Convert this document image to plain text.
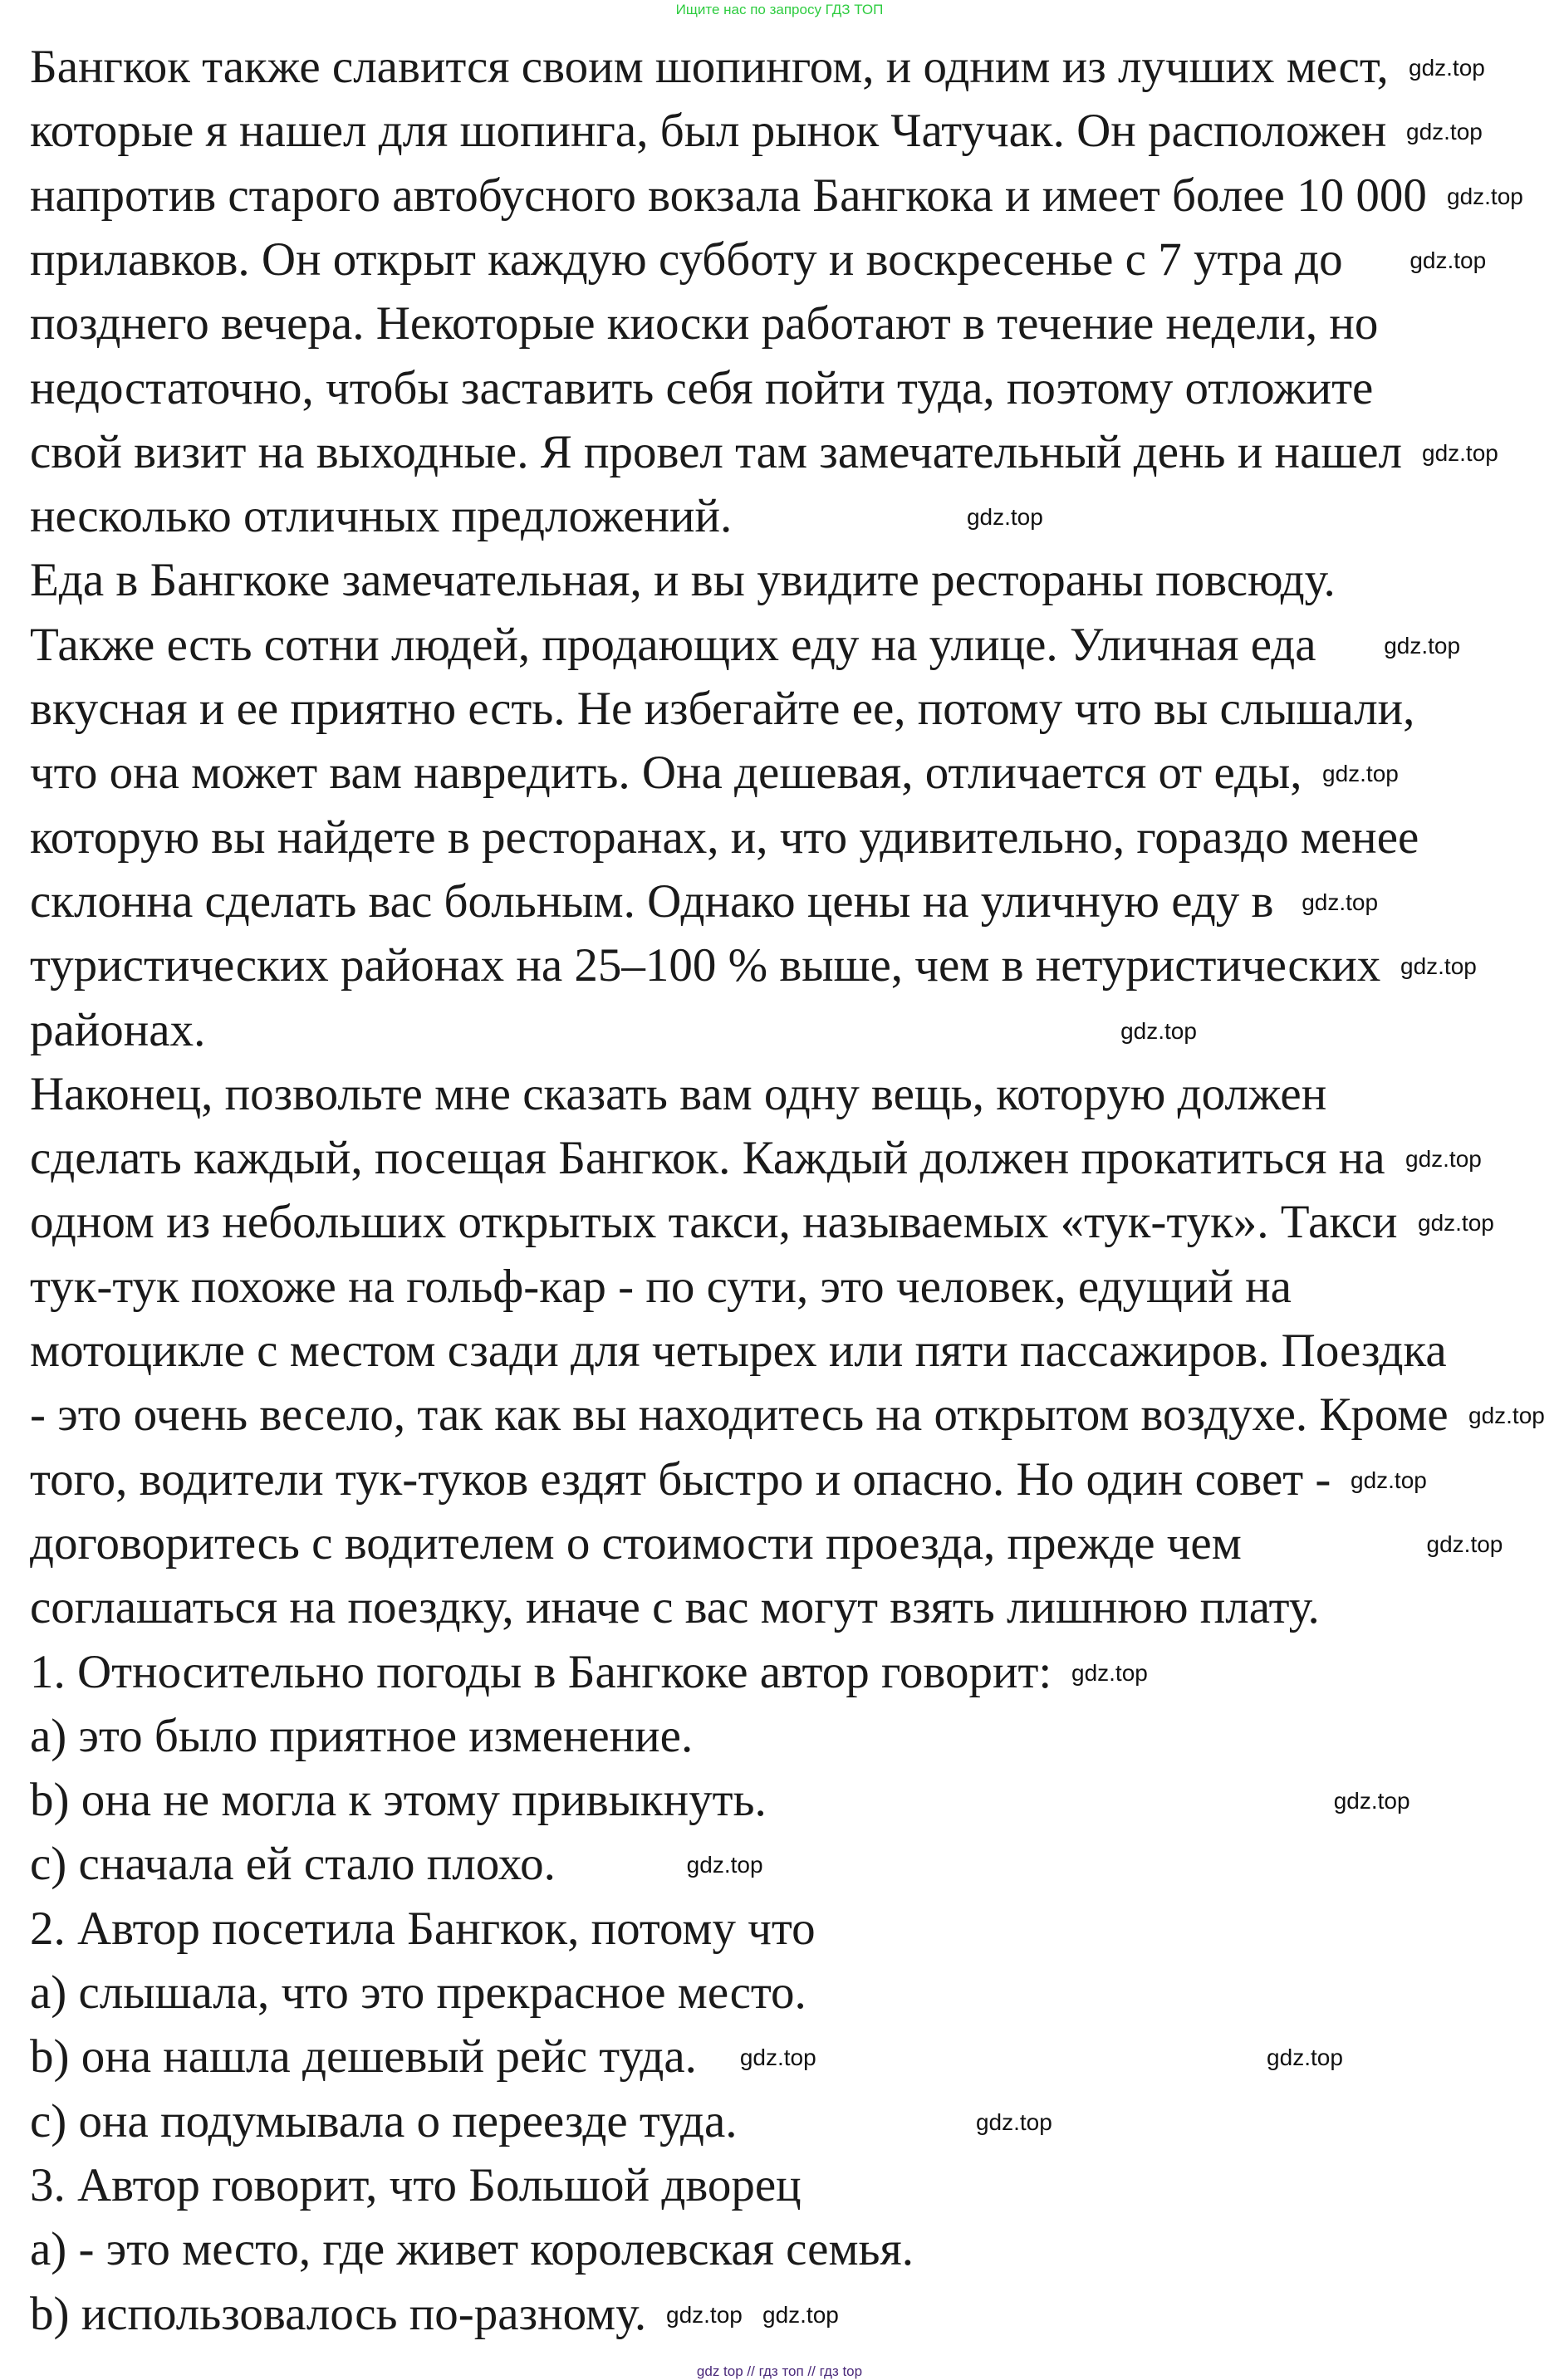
Ищите нас по запросу ГДЗ ТОП
Бангкок также славится своим шопингом, и одним из лучших мест,
которые я нашел для шопинга, был рынок Чатучак. Он расположен
напротив старого автобусного вокзала Бангкока и имеет более 10 000
прилавков. Он открыт каждую субботу и воскресенье с 7 утра до
позднего вечера. Некоторые киоски работают в течение недели, но
недостаточно, чтобы заставить себя пойти туда, поэтому отложите
свой визит на выходные. Я провел там замечательный день и нашел
несколько отличных предложений.
Еда в Бангкоке замечательная, и вы увидите рестораны повсюду.
Также есть сотни людей, продающих еду на улице. Уличная еда
вкусная и ее приятно есть. Не избегайте ее, потому что вы слышали,
что она может вам навредить. Она дешевая, отличается от еды,
которую вы найдете в ресторанах, и, что удивительно, гораздо менее
склонна сделать вас больным. Однако цены на уличную еду в
туристических районах на 25–100 % выше, чем в нетуристических
районах.
Наконец, позвольте мне сказать вам одну вещь, которую должен
сделать каждый, посещая Бангкок. Каждый должен прокатиться на
одном из небольших открытых такси, называемых «тук-тук». Такси
тук-тук похоже на гольф-кар - по сути, это человек, едущий на
мотоцикле с местом сзади для четырех или пяти пассажиров. Поездка
- это очень весело, так как вы находитесь на открытом воздухе. Кроме
того, водители тук-туков ездят быстро и опасно. Но один совет -
договоритесь с водителем о стоимости проезда, прежде чем
соглашаться на поездку, иначе с вас могут взять лишнюю плату.
1. Относительно погоды в Бангкоке автор говорит:
a) это было приятное изменение.
b) она не могла к этому привыкнуть.
c) сначала ей стало плохо.
2. Автор посетила Бангкок, потому что
a) слышала, что это прекрасное место.
b) она нашла дешевый рейс туда.
c) она подумывала о переезде туда.
3. Автор говорит, что Большой дворец
a) - это место, где живет королевская семья.
b) использовалось по-разному.
gdz.top
gdz.top
gdz.top
gdz.top
gdz.top
gdz.top
gdz.top
gdz.top
gdz.top
gdz.top
gdz.top
gdz.top
gdz.top
gdz.top
gdz.top
gdz.top
gdz.top
gdz.top
gdz.top
gdz.top	gdz.top
gdz.top
gdz.top gdz.top
gdz top // гдз топ // гдз top
